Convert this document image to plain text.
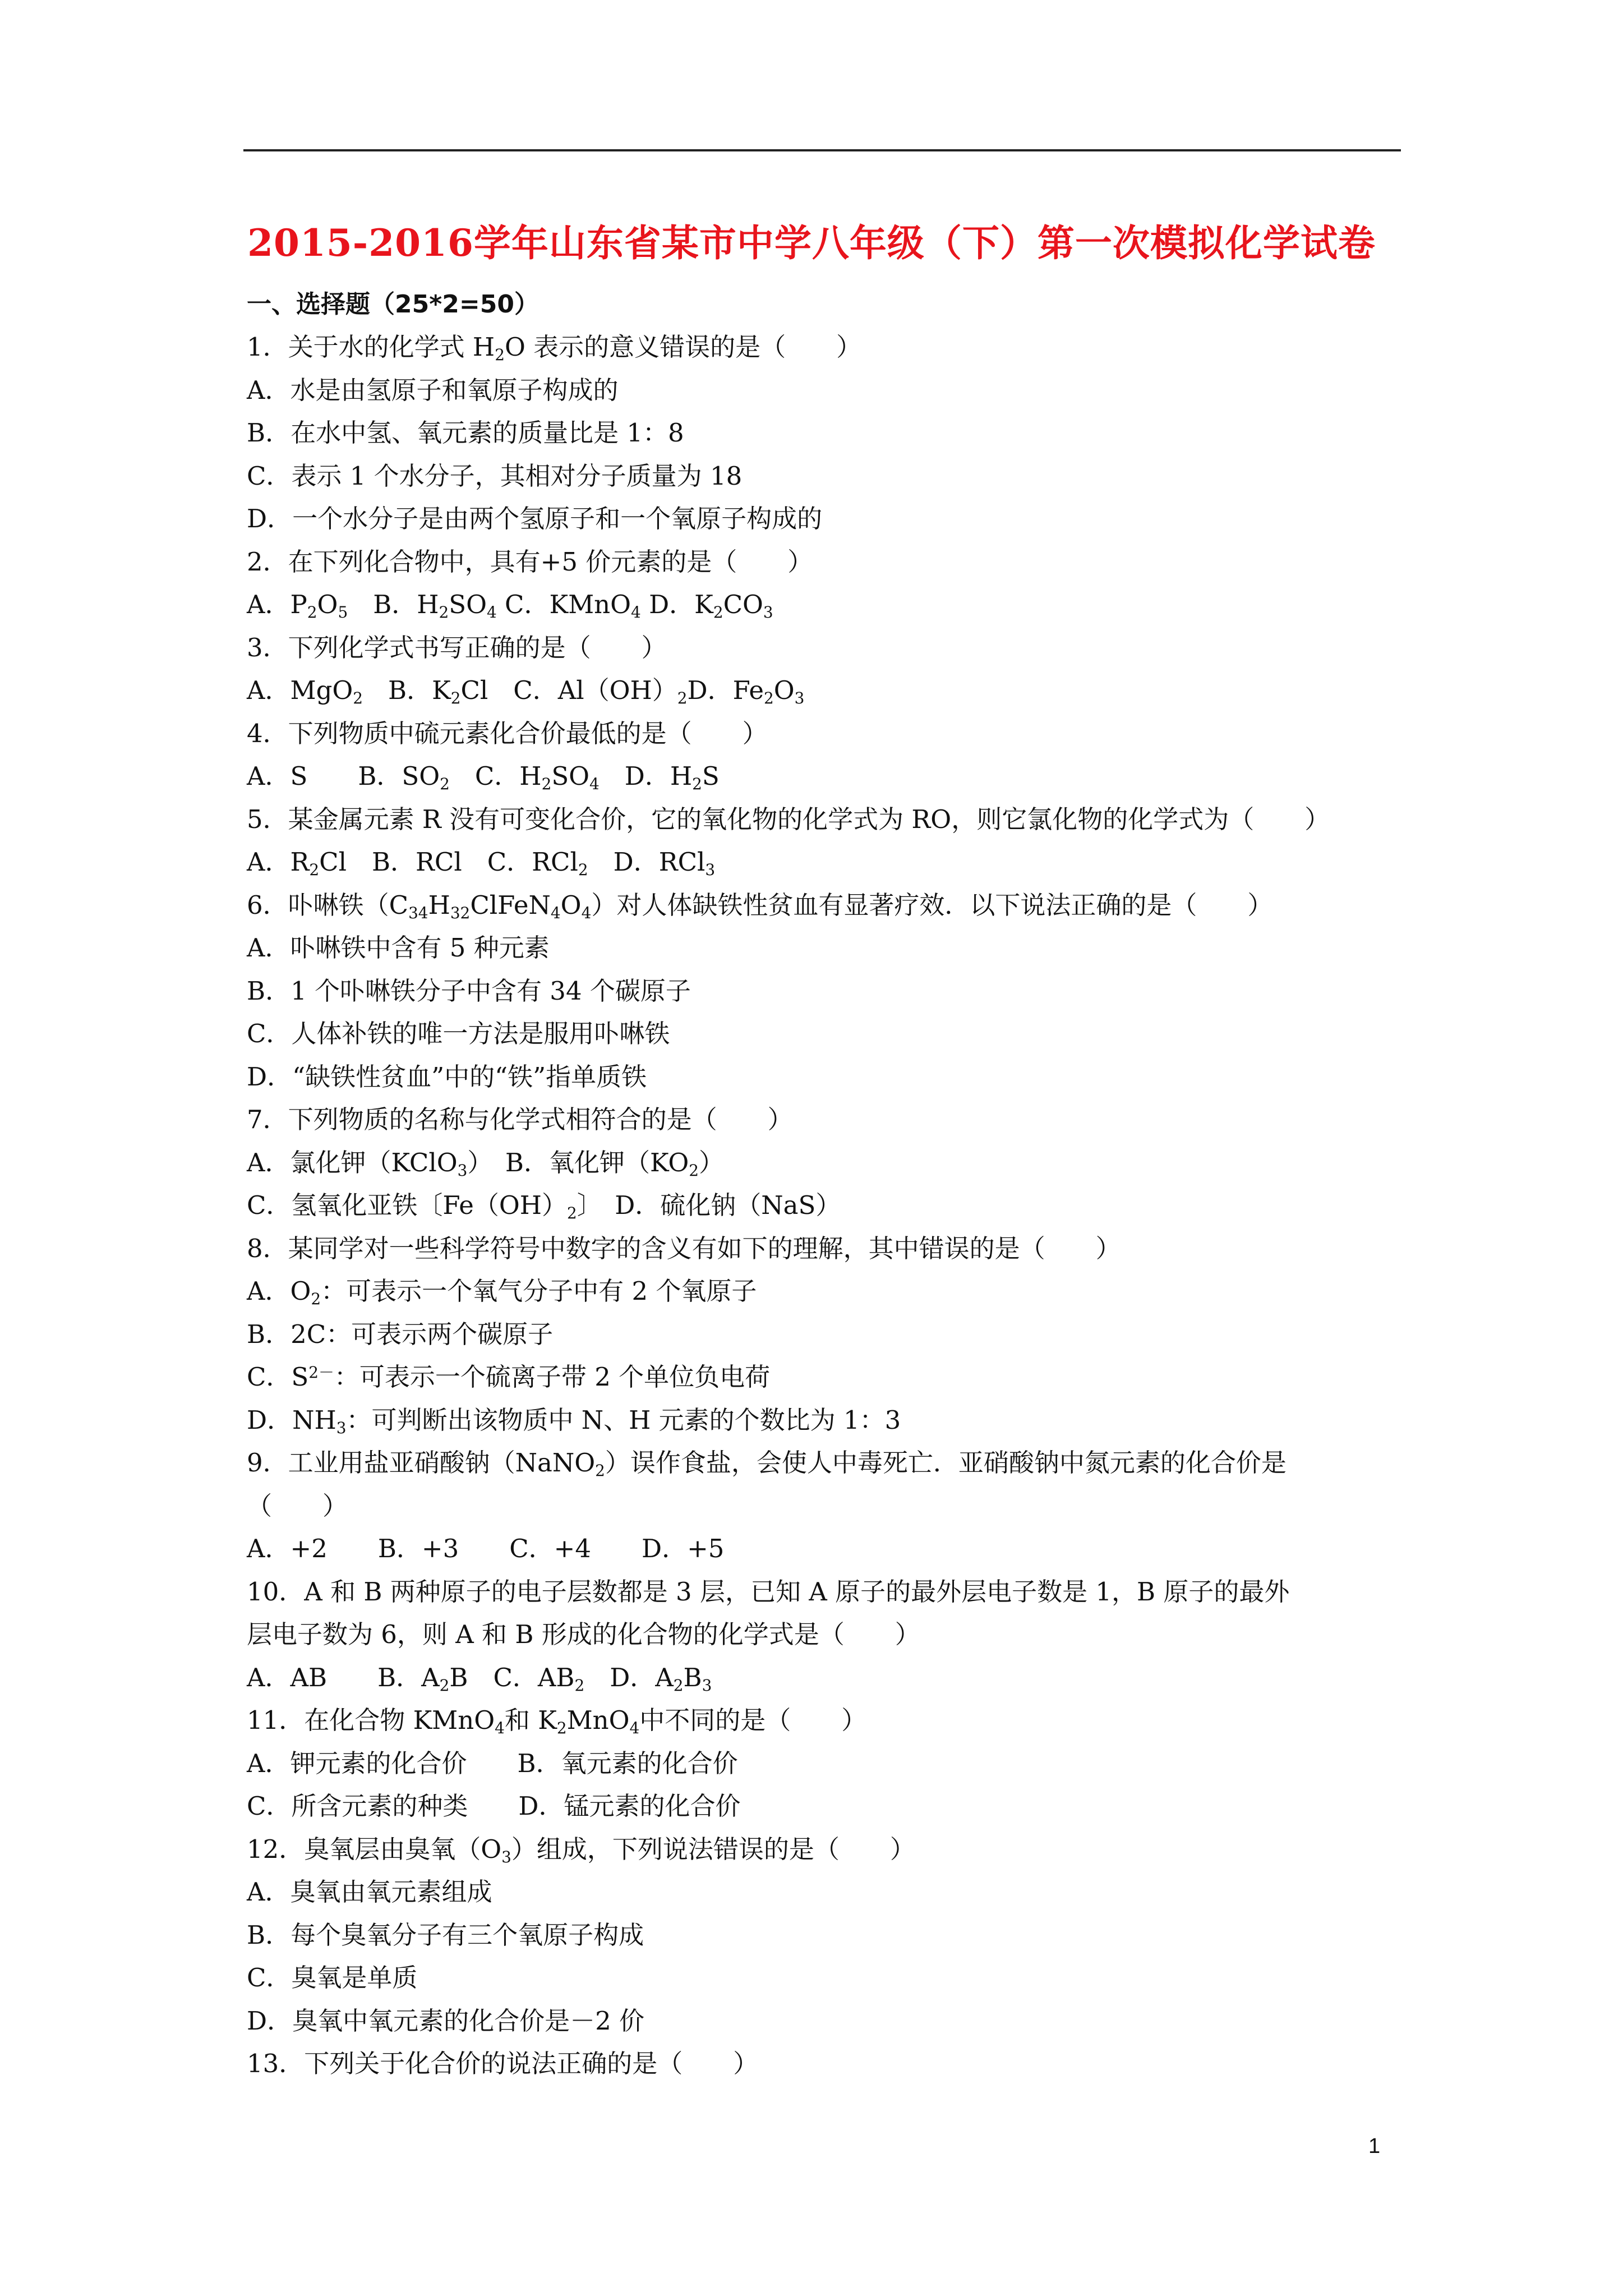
2015-2016学年山东省某市中学八年级（下）第一次模拟化学试卷
一、选择题（25*2=50）
1．关于水的化学式 $H_2O$ 表示的意义错误的是（　　）
A．水是由氢原子和氧原子构成的
B．在水中氢、氧元素的质量比是 1：8
C．表示 1 个水分子，其相对分子质量为 18
D．一个水分子是由两个氢原子和一个氧原子构成的
2．在下列化合物中，具有+5 价元素的是（　　）
A．$P_2O_5$　B．$H_2SO_4$ C．KMnO$_4$ D．$K_2CO_3$
3．下列化学式书写正确的是（　　）
A．MgO$_2$　B．$K_2Cl$　C．$Al(OH)_2D$．$Fe_2O_3$
4．下列物质中硫元素化合价最低的是（　　）
A．S　　B．$SO_2$　C．$H_2SO_4$　D．$H_2S$
5．某金属元素 R 没有可变化合价，它的氧化物的化学式为 RO，则它氯化物的化学式为（　　）
A．$R_2Cl$　B．RCl　C．RCl$_2$　D．RCl$_3$
6．卟啉铁$(C_{34}H_{32}ClFeN_4O_4)$对人体缺铁性贫血有显著疗效．以下说法正确的是（　　）
A．卟啉铁中含有 5 种元素
B．1 个卟啉铁分子中含有 34 个碳原子
C．人体补铁的唯一方法是服用卟啉铁
D．“缺铁性贫血”中的“铁”指单质铁
7．下列物质的名称与化学式相符合的是（　　）
A．氯化钾（KClO$_3$）　B．氧化钾$(KO_2)$
C．氢氧化亚铁〔$Fe(OH)_2$〕　D．硫化钠（NaS）
8．某同学对一些科学符号中数字的含义有如下的理解，其中错误的是（　　）
A．$O_2$：可表示一个氧气分子中有 2 个氧原子
B．2C：可表示两个碳原子
C．$S^{2-}$：可表示一个硫离子带 2 个单位负电荷
D．$NH_3$：可判断出该物质中 N、H 元素的个数比为 1：3
9．工业用盐亚硝酸钠（NaNO$_2$）误作食盐，会使人中毒死亡．亚硝酸钠中氮元素的化合价是
（　　）
A．+2　　B．+3　　C．+4　　D．+5
10．A 和 B 两种原子的电子层数都是 3 层，已知 A 原子的最外层电子数是 1，B 原子的最外
层电子数为 6，则 A 和 B 形成的化合物的化学式是（　　）
A．AB　　B．$A_2B$　C．$AB_2$　D．$A_2B_3$
11．在化合物 KMnO$_4$和 $K_2MnO_4$中不同的是（　　）
A．钾元素的化合价　　B．氧元素的化合价
C．所含元素的种类　　D．锰元素的化合价
12．臭氧层由臭氧$(O_3)$组成，下列说法错误的是（　　）
A．臭氧由氧元素组成
B．每个臭氧分子有三个氧原子构成
C．臭氧是单质
D．臭氧中氧元素的化合价是－2 价
13．下列关于化合价的说法正确的是（　　）
1
